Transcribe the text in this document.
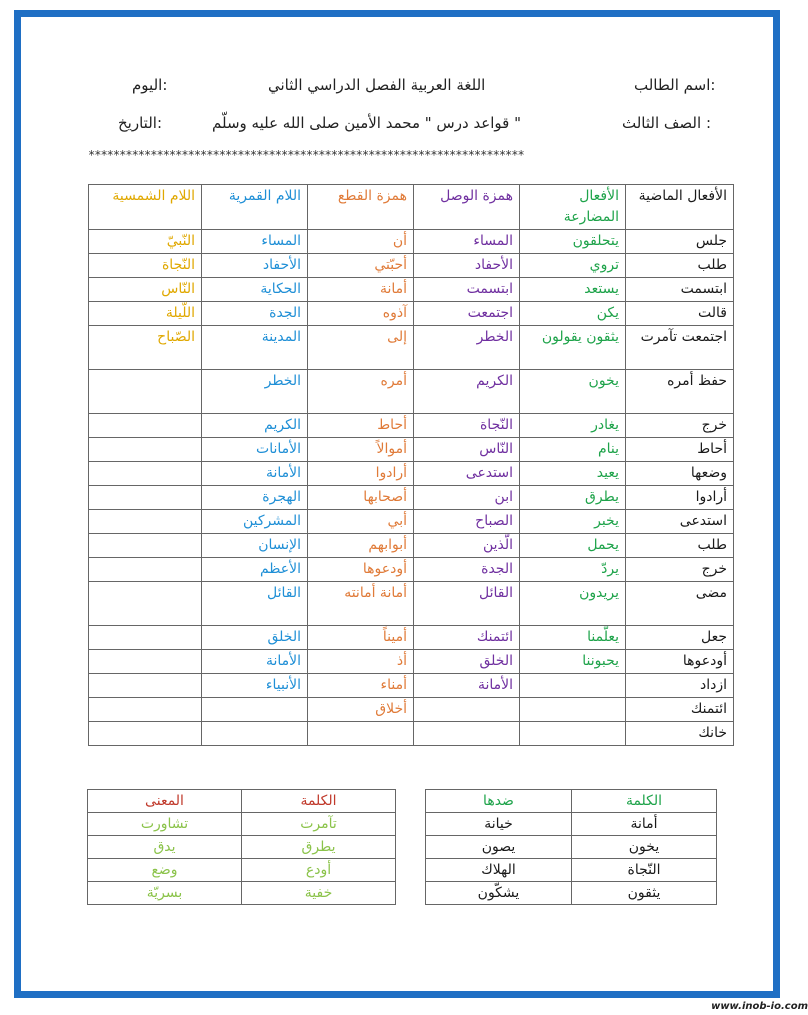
اسم الطالب:
اللغة العربية الفصل الدراسي الثاني
اليوم:
الصف الثالث :
قواعد درس " محمد الأمين صلى الله عليه وسلّم "
التاريخ:
**********************************************************************
الأفعال الماضية	الأفعال المضارعة	همزة الوصل	همزة القطع	اللام القمرية	اللام الشمسية
جلس	يتحلقون	المساء	أن	المساء	النّبيّ
طلب	تروي	الأحفاد	أحبّتي	الأحفاد	النّجاة
ابتسمت	يستعد	ابتسمت	أمانة	الحكاية	النّاس
قالت	يكن	اجتمعت	آذوه	الجدة	اللّيلة
اجتمعت تآمرت	يثقون يقولون	الخطر	إلى	المدينة	الصّباح
حفظ أمره	يخون	الكريم	أمره	الخطر	
خرج	يغادر	النّجاة	أحاط	الكريم	
أحاط	ينام	النّاس	أموالاً	الأمانات	
وضعها	يعيد	استدعى	أرادوا	الأمانة	
أرادوا	يطرق	ابن	أصحابها	الهجرة	
استدعى	يخبر	الصباح	أبي	المشركين	
طلب	يحمل	الّذين	أبوابهم	الإنسان	
خرج	يردّ	الجدة	أودعوها	الأعظم	
مضى	يريدون	القائل	أمانة أمانته	القائل	
جعل	يعلّمنا	ائتمنك	أميناً	الخلق	
أودعوها	يحبوننا	الخلق	أذ	الأمانة	
ازداد		الأمانة	أمناء	الأنبياء	
ائتمنك			أخلاق		
خانك					
الكلمة	ضدها
أمانة	خيانة
يخون	يصون
النّجاة	الهلاك
يثقون	يشكّون
الكلمة	المعنى
تآمرت	تشاورت
يطرق	يدق
أودع	وضع
خفية	بسريّة
www.inob-io.com
